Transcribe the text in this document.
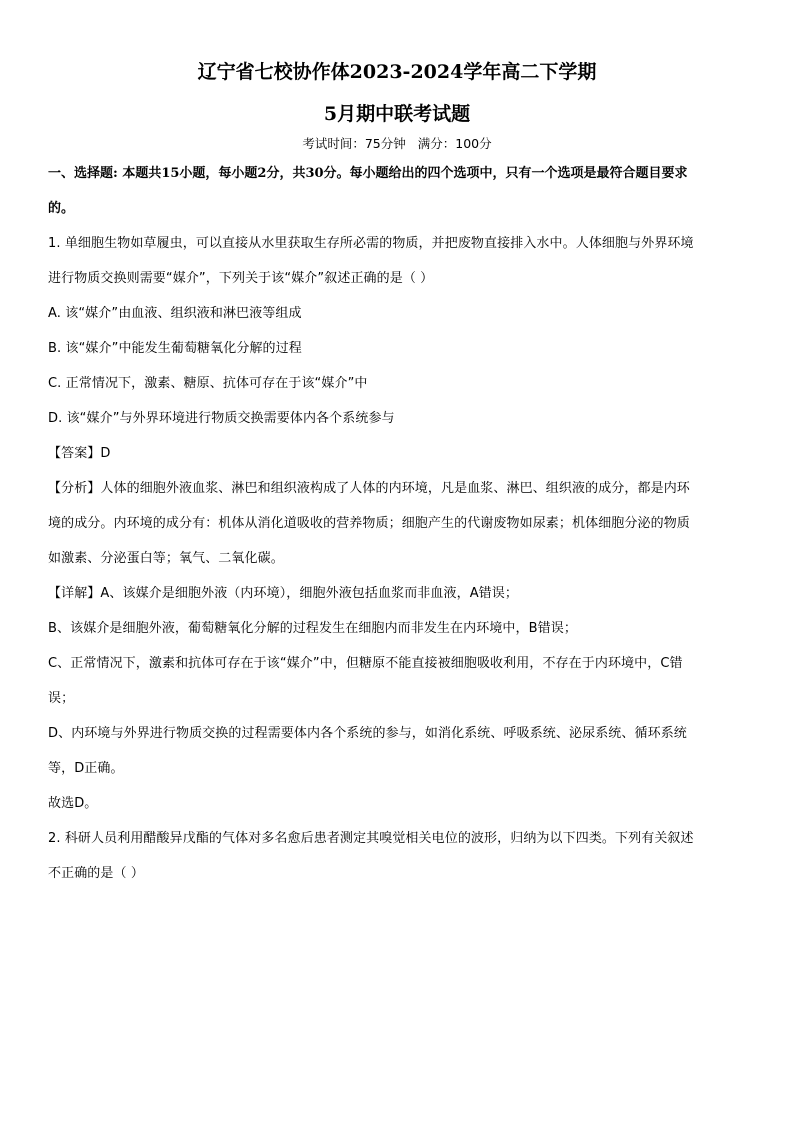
辽宁省七校协作体2023-2024学年高二下学期
5月期中联考试题
考试时间：75分钟 满分：100分
一、选择题: 本题共15小题，每小题2分，共30分。每小题给出的四个选项中，只有一个选项是最符合题目要求
的。

1. 单细胞生物如草履虫，可以直接从水里获取生存所必需的物质，并把废物直接排入水中。人体细胞与外界环境

进行物质交换则需要“媒介”，下列关于该“媒介”叙述正确的是（ ）

A. 该“媒介”由血液、组织液和淋巴液等组成

B. 该“媒介”中能发生葡萄糖氧化分解的过程

C. 正常情况下，激素、糖原、抗体可存在于该“媒介”中

D. 该“媒介”与外界环境进行物质交换需要体内各个系统参与

【答案】D

【分析】人体的细胞外液血浆、淋巴和组织液构成了人体的内环境，凡是血浆、淋巴、组织液的成分，都是内环

境的成分。内环境的成分有：机体从消化道吸收的营养物质；细胞产生的代谢废物如尿素；机体细胞分泌的物质

如激素、分泌蛋白等；氧气、二氧化碳。

【详解】A、该媒介是细胞外液（内环境），细胞外液包括血浆而非血液，A错误；

B、该媒介是细胞外液，葡萄糖氧化分解的过程发生在细胞内而非发生在内环境中，B错误；

C、正常情况下，激素和抗体可存在于该“媒介”中，但糖原不能直接被细胞吸收利用，不存在于内环境中，C错

误；

D、内环境与外界进行物质交换的过程需要体内各个系统的参与，如消化系统、呼吸系统、泌尿系统、循环系统

等，D正确。

故选D。

2. 科研人员利用醋酸异戊酯的气体对多名愈后患者测定其嗅觉相关电位的波形，归纳为以下四类。下列有关叙述

不正确的是（ ）
